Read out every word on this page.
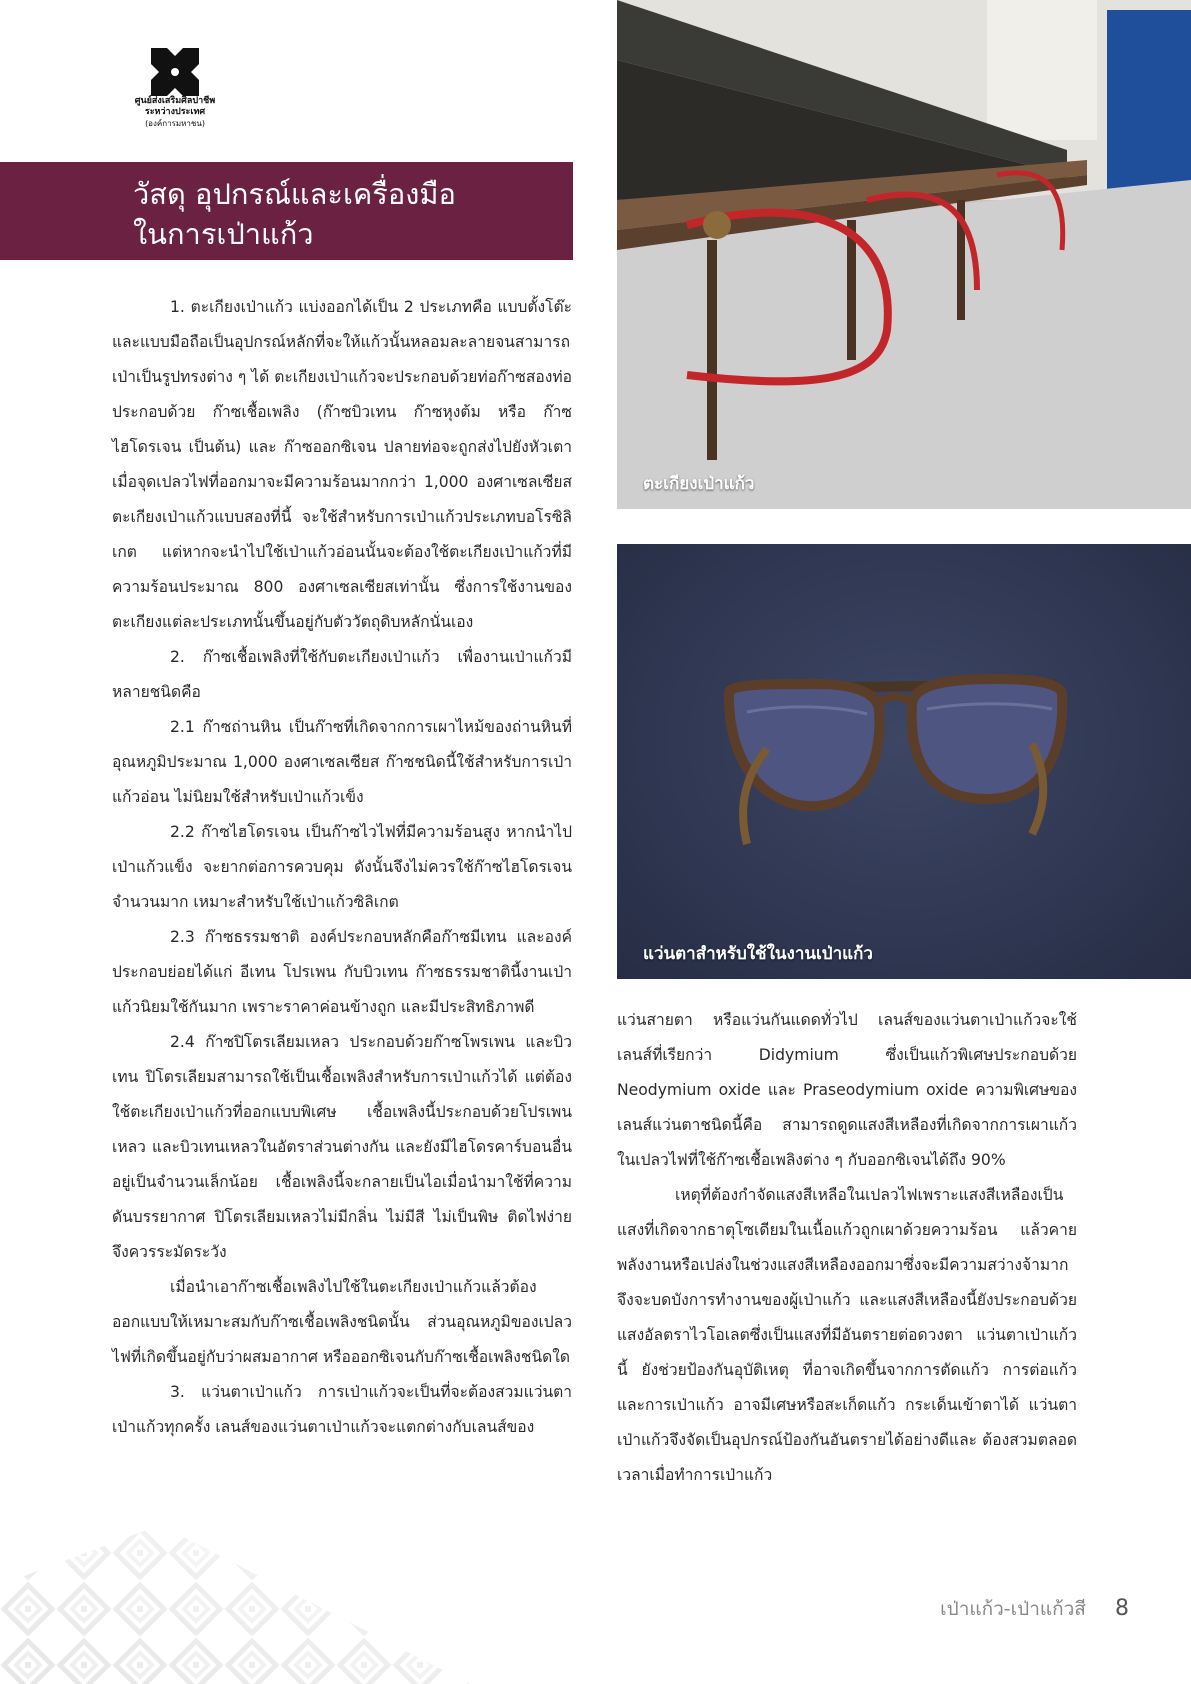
ศูนย์ส่งเสริมศิลปาชีพ
ระหว่างประเทศ
(องค์การมหาชน)
วัสดุ อุปกรณ์และเครื่องมือ
ในการเป่าแก้ว

1. ตะเกียงเป่าแก้ว แบ่งออกได้เป็น 2 ประเภทคือ แบบตั้งโต๊ะ และแบบมือถือเป็นอุปกรณ์หลักที่จะให้แก้วนั้นหลอมละลายจนสามารถเป่าเป็นรูปทรงต่าง ๆ ได้ ตะเกียงเป่าแก้วจะประกอบด้วยท่อก๊าซสองท่อ ประกอบด้วย ก๊าซเชื้อเพลิง (ก๊าซบิวเทน ก๊าซหุงต้ม หรือ ก๊าซไฮโดรเจน เป็นต้น) และ ก๊าซออกซิเจน ปลายท่อจะถูกส่งไปยังหัวเตา เมื่อจุดเปลวไฟที่ออกมาจะมีความร้อนมากกว่า 1,000 องศาเซลเซียส ตะเกียงเป่าแก้วแบบสองที่นี้ จะใช้สำหรับการเป่าแก้วประเภทบอโรซิลิเกต แต่หากจะนำไปใช้เป่าแก้วอ่อนนั้นจะต้องใช้ตะเกียงเป่าแก้วที่มีความร้อนประมาณ 800 องศาเซลเซียสเท่านั้น ซึ่งการใช้งานของตะเกียงแต่ละประเภทนั้นขึ้นอยู่กับตัววัตถุดิบหลักนั่นเอง

2. ก๊าซเชื้อเพลิงที่ใช้กับตะเกียงเป่าแก้ว เพื่องานเป่าแก้วมีหลายชนิดคือ

2.1 ก๊าซถ่านหิน เป็นก๊าซที่เกิดจากการเผาไหม้ของถ่านหินที่อุณหภูมิประมาณ 1,000 องศาเซลเซียส ก๊าซชนิดนี้ใช้สำหรับการเป่าแก้วอ่อน ไม่นิยมใช้สำหรับเป่าแก้วเข็ง

2.2 ก๊าซไฮโดรเจน เป็นก๊าซไวไฟที่มีความร้อนสูง หากนำไปเป่าแก้วแข็ง จะยากต่อการควบคุม ดังนั้นจึงไม่ควรใช้ก๊าซไฮโดรเจนจำนวนมาก เหมาะสำหรับใช้เป่าแก้วซิลิเกต

2.3 ก๊าซธรรมชาติ องค์ประกอบหลักคือก๊าซมีเทน และองค์ประกอบย่อยได้แก่ อีเทน โปรเพน กับบิวเทน ก๊าซธรรมชาตินี้งานเป่าแก้วนิยมใช้กันมาก เพราะราคาค่อนข้างถูก และมีประสิทธิภาพดี

2.4 ก๊าซปิโตรเลียมเหลว ประกอบด้วยก๊าซโพรเพน และบิวเทน ปิโตรเลียมสามารถใช้เป็นเชื้อเพลิงสำหรับการเป่าแก้วได้ แต่ต้องใช้ตะเกียงเป่าแก้วที่ออกแบบพิเศษ เชื้อเพลิงนี้ประกอบด้วยโปรเพนเหลว และบิวเทนเหลวในอัตราส่วนต่างกัน และยังมีไฮโดรคาร์บอนอื่นอยู่เป็นจำนวนเล็กน้อย เชื้อเพลิงนี้จะกลายเป็นไอเมื่อนำมาใช้ที่ความดันบรรยากาศ ปิโตรเลียมเหลวไม่มีกลิ่น ไม่มีสี ไม่เป็นพิษ ติดไฟง่าย จึงควรระมัดระวัง

เมื่อนำเอาก๊าซเชื้อเพลิงไปใช้ในตะเกียงเป่าแก้วแล้วต้องออกแบบให้เหมาะสมกับก๊าซเชื้อเพลิงชนิดนั้น ส่วนอุณหภูมิของเปลวไฟที่เกิดขึ้นอยู่กับว่าผสมอากาศ หรือออกซิเจนกับก๊าซเชื้อเพลิงชนิดใด

3. แว่นตาเป่าแก้ว การเป่าแก้วจะเป็นที่จะต้องสวมแว่นตาเป่าแก้วทุกครั้ง เลนส์ของแว่นตาเป่าแก้วจะแตกต่างกับเลนส์ของ

ตะเกียงเป่าแก้ว
แว่นตาสำหรับใช้ในงานเป่าแก้ว

แว่นสายตา หรือแว่นกันแดดทั่วไป เลนส์ของแว่นตาเป่าแก้วจะใช้เลนส์ที่เรียกว่า Didymium ซึ่งเป็นแก้วพิเศษประกอบด้วย Neodymium oxide และ Praseodymium oxide ความพิเศษของเลนส์แว่นตาชนิดนี้คือ สามารถดูดแสงสีเหลืองที่เกิดจากการเผาแก้วในเปลวไฟที่ใช้ก๊าซเชื้อเพลิงต่าง ๆ กับออกซิเจนได้ถึง 90%

เหตุที่ต้องกำจัดแสงสีเหลือในเปลวไฟเพราะแสงสีเหลืองเป็นแสงที่เกิดจากธาตุโซเดียมในเนื้อแก้วถูกเผาด้วยความร้อน แล้วคายพลังงานหรือเปล่งในช่วงแสงสีเหลืองออกมาซึ่งจะมีความสว่างจ้ามาก จึงจะบดบังการทำงานของผู้เป่าแก้ว และแสงสีเหลืองนี้ยังประกอบด้วยแสงอัลตราไวโอเลตซึ่งเป็นแสงที่มีอันตรายต่อดวงตา แว่นตาเป่าแก้วนี้ ยังช่วยป้องกันอุบัติเหตุ ที่อาจเกิดขึ้นจากการตัดแก้ว การต่อแก้ว และการเป่าแก้ว อาจมีเศษหรือสะเก็ดแก้ว กระเด็นเข้าตาได้ แว่นตาเป่าแก้วจึงจัดเป็นอุปกรณ์ป้องกันอันตรายได้อย่างดีและ ต้องสวมตลอดเวลาเมื่อทำการเป่าแก้ว

เป่าแก้ว-เป่าแก้วสี 8
